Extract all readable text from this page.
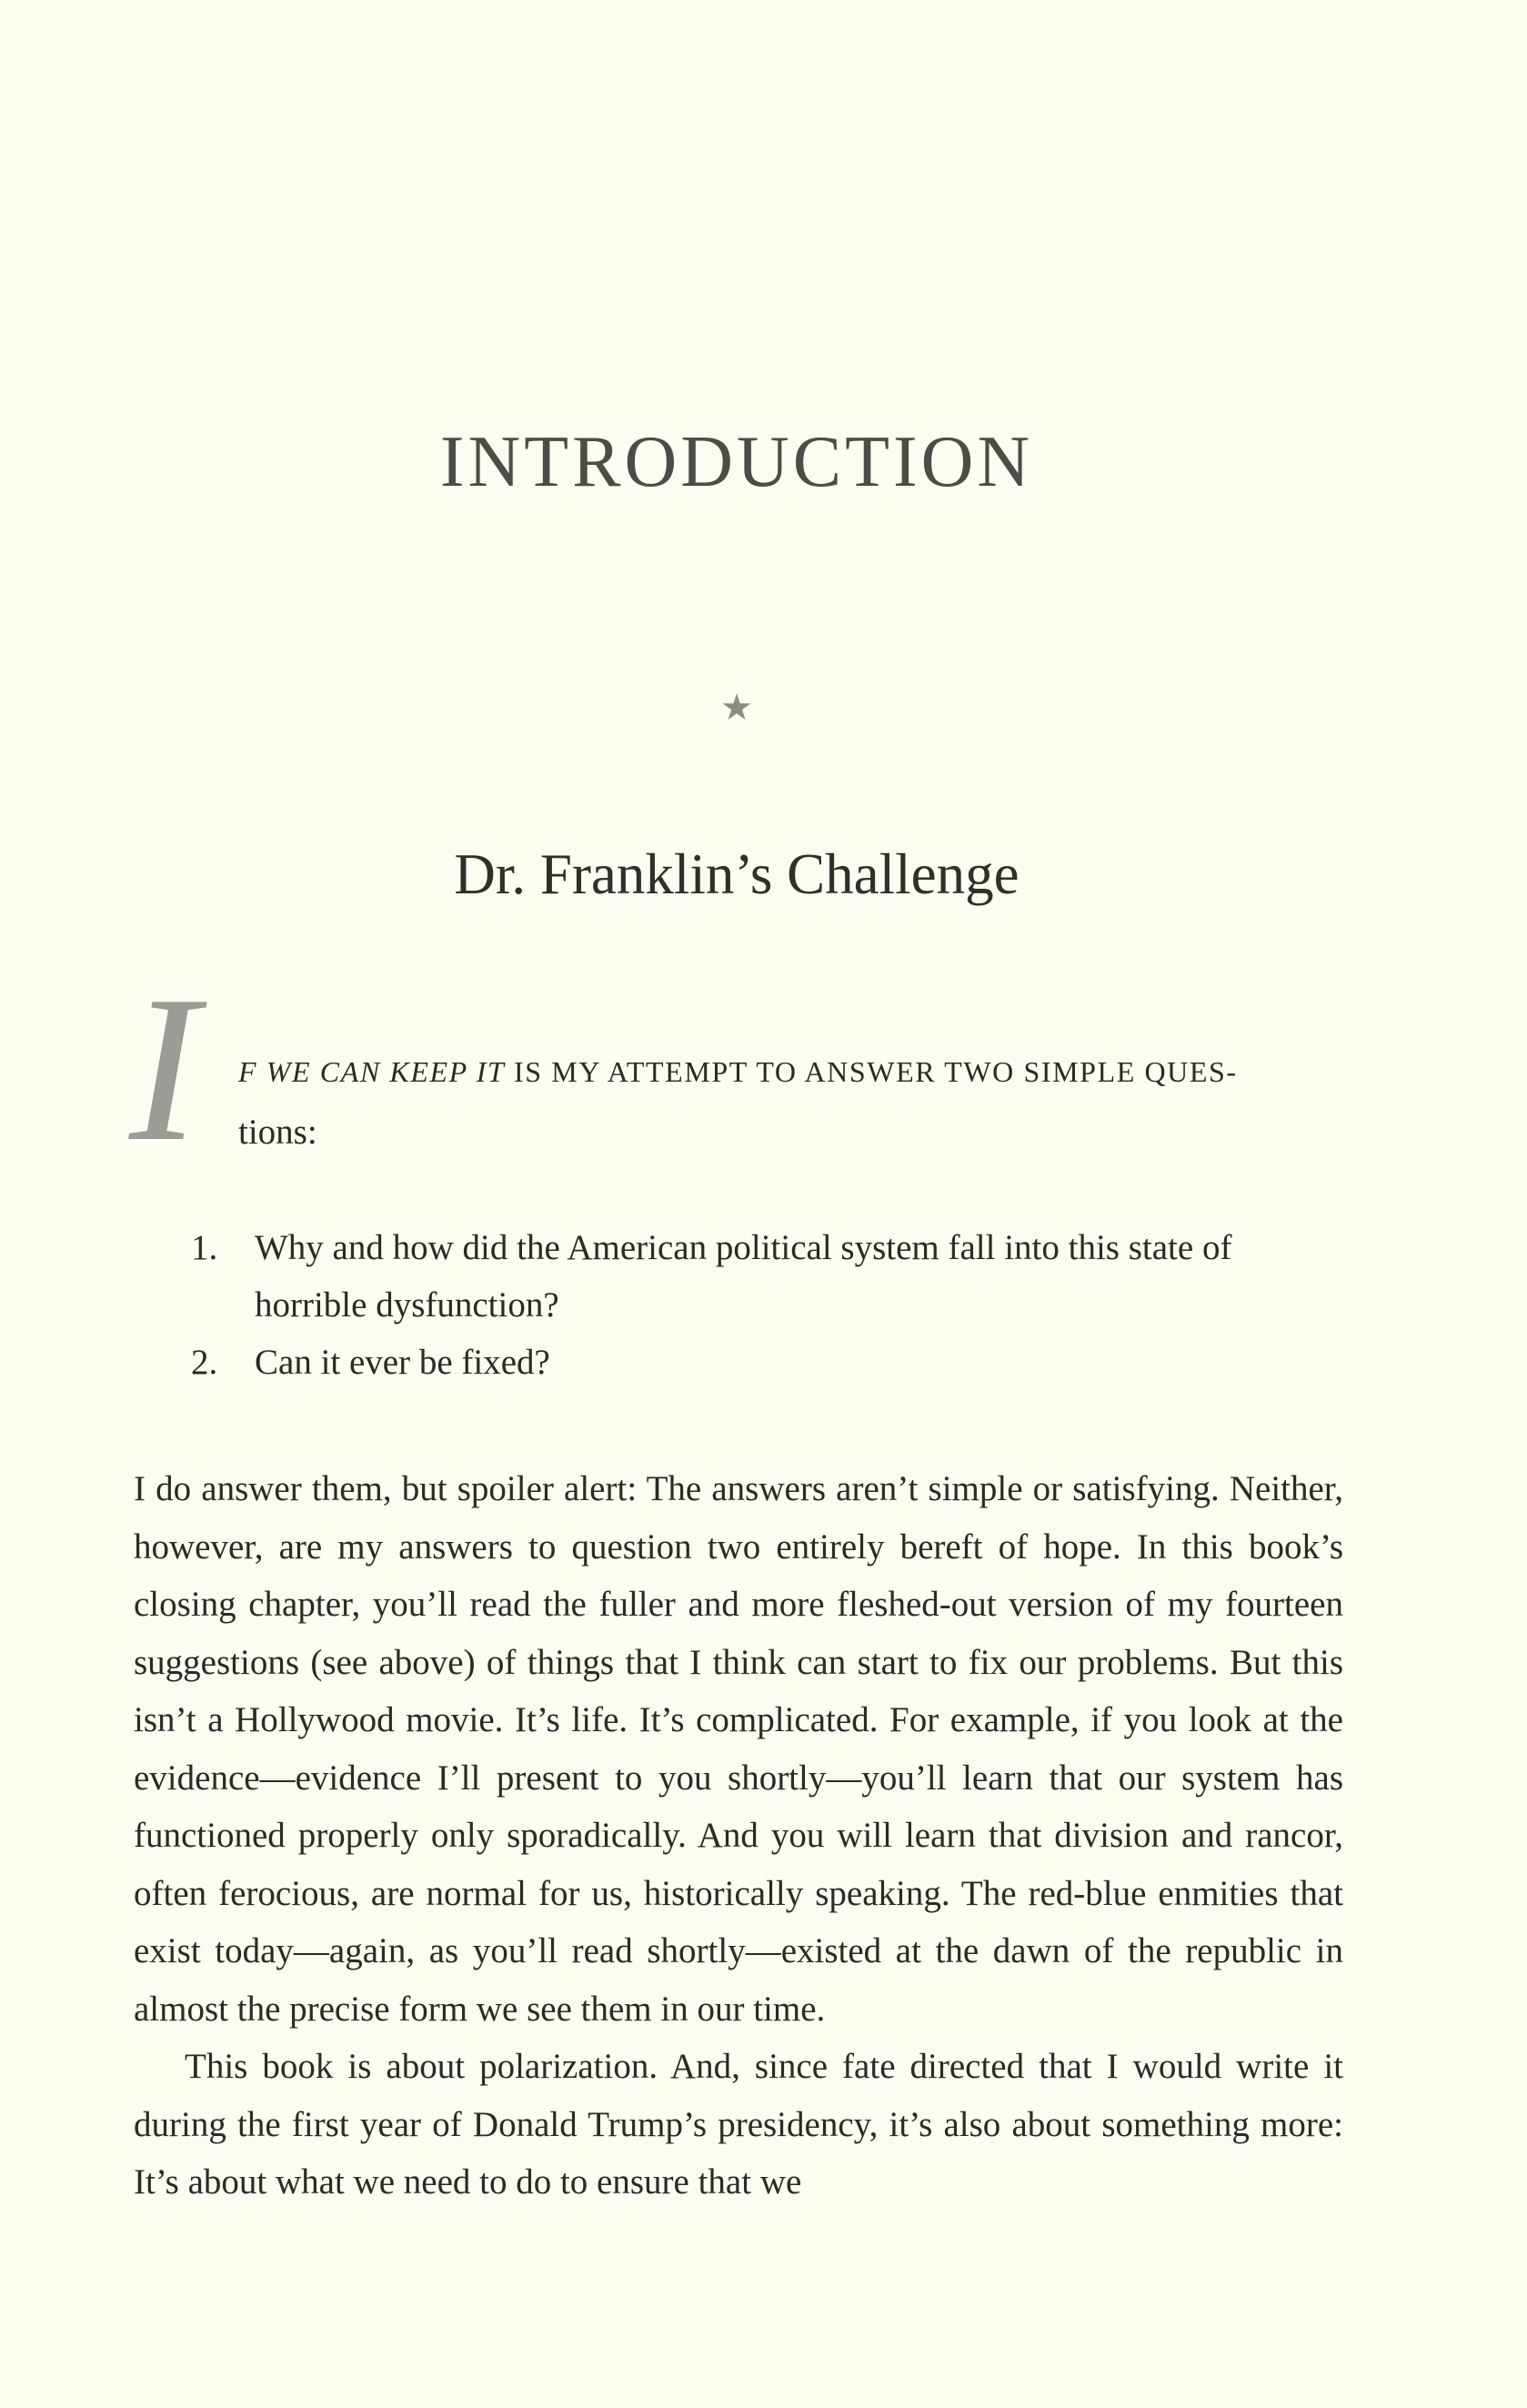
INTRODUCTION
★
Dr. Franklin’s Challenge
I F WE CAN KEEP IT IS MY ATTEMPT TO ANSWER TWO SIMPLE QUES-
tions:
1. Why and how did the American political system fall into this state of horrible dysfunction?
2. Can it ever be fixed?

I do answer them, but spoiler alert: The answers aren’t simple or satisfying. Neither, however, are my answers to question two entirely bereft of hope. In this book’s closing chapter, you’ll read the fuller and more fleshed-out version of my fourteen suggestions (see above) of things that I think can start to fix our problems. But this isn’t a Hollywood movie. It’s life. It’s complicated. For example, if you look at the evidence—evidence I’ll present to you shortly—you’ll learn that our system has functioned properly only sporadically. And you will learn that division and rancor, often ferocious, are normal for us, historically speaking. The red-blue enmities that exist today—again, as you’ll read shortly—existed at the dawn of the republic in almost the precise form we see them in our time.

This book is about polarization. And, since fate directed that I would write it during the first year of Donald Trump’s presidency, it’s also about something more: It’s about what we need to do to ensure that we
